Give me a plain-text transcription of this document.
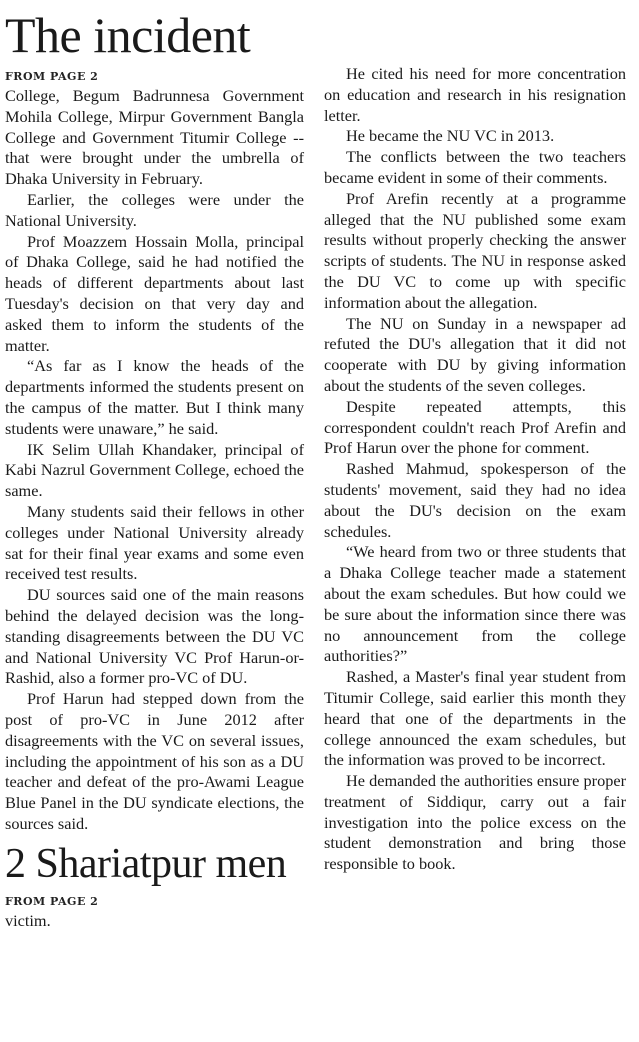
The incident
FROM PAGE 2

College, Begum Badrunnesa Government Mohila College, Mirpur Government Bangla College and Government Titumir College -- that were brought under the umbrella of Dhaka University in February.

Earlier, the colleges were under the National University.

Prof Moazzem Hossain Molla, principal of Dhaka College, said he had notified the heads of different departments about last Tuesday's decision on that very day and asked them to inform the students of the matter.

“As far as I know the heads of the departments informed the students present on the campus of the matter. But I think many students were unaware,” he said.

IK Selim Ullah Khandaker, principal of Kabi Nazrul Government College, echoed the same.

Many students said their fellows in other colleges under National University already sat for their final year exams and some even received test results.

DU sources said one of the main reasons behind the delayed decision was the long-standing disagreements between the DU VC and National University VC Prof Harun-or-Rashid, also a former pro-VC of DU.

Prof Harun had stepped down from the post of pro-VC in June 2012 after disagreements with the VC on several issues, including the appointment of his son as a DU teacher and defeat of the pro-Awami League Blue Panel in the DU syndicate elections, the sources said.

2 Shariatpur men
FROM PAGE 2

victim.

He cited his need for more concentration on education and research in his resignation letter.

He became the NU VC in 2013.

The conflicts between the two teachers became evident in some of their comments.

Prof Arefin recently at a programme alleged that the NU published some exam results without properly checking the answer scripts of students. The NU in response asked the DU VC to come up with specific information about the allegation.

The NU on Sunday in a newspaper ad refuted the DU's allegation that it did not cooperate with DU by giving information about the students of the seven colleges.

Despite repeated attempts, this correspondent couldn't reach Prof Arefin and Prof Harun over the phone for comment.

Rashed Mahmud, spokesperson of the students' movement, said they had no idea about the DU's decision on the exam schedules.

“We heard from two or three students that a Dhaka College teacher made a statement about the exam schedules. But how could we be sure about the information since there was no announcement from the college authorities?”

Rashed, a Master's final year student from Titumir College, said earlier this month they heard that one of the departments in the college announced the exam schedules, but the information was proved to be incorrect.

He demanded the authorities ensure proper treatment of Siddiqur, carry out a fair investigation into the police excess on the student demonstration and bring those responsible to book.
